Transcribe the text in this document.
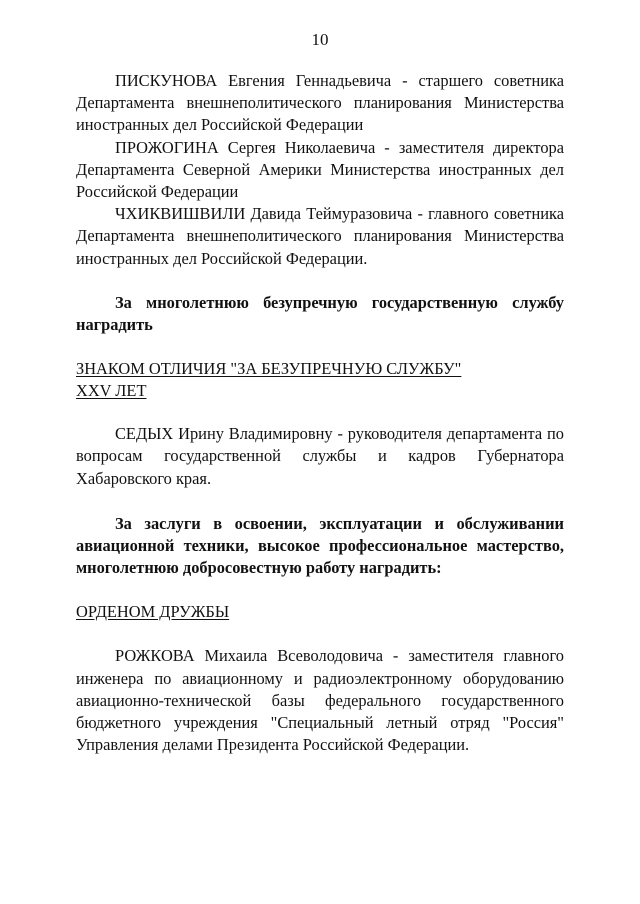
10

ПИСКУНОВА Евгения Геннадьевича - старшего советника Департамента внешнеполитического планирования Министерства иностранных дел Российской Федерации

ПРОЖОГИНА Сергея Николаевича - заместителя директора Департамента Северной Америки Министерства иностранных дел Российской Федерации

ЧХИКВИШВИЛИ Давида Теймуразовича - главного советника Департамента внешнеполитического планирования Министерства иностранных дел Российской Федерации.

За многолетнюю безупречную государственную службу наградить

ЗНАКОМ ОТЛИЧИЯ "ЗА БЕЗУПРЕЧНУЮ СЛУЖБУ"

XXV ЛЕТ

СЕДЫХ Ирину Владимировну - руководителя департамента по вопросам государственной службы и кадров Губернатора Хабаровского края.

За заслуги в освоении, эксплуатации и обслуживании авиационной техники, высокое профессиональное мастерство, многолетнюю добросовестную работу наградить:

ОРДЕНОМ ДРУЖБЫ

РОЖКОВА Михаила Всеволодовича - заместителя главного инженера по авиационному и радиоэлектронному оборудованию авиационно-технической базы федерального государственного бюджетного учреждения "Специальный летный отряд "Россия" Управления делами Президента Российской Федерации.
